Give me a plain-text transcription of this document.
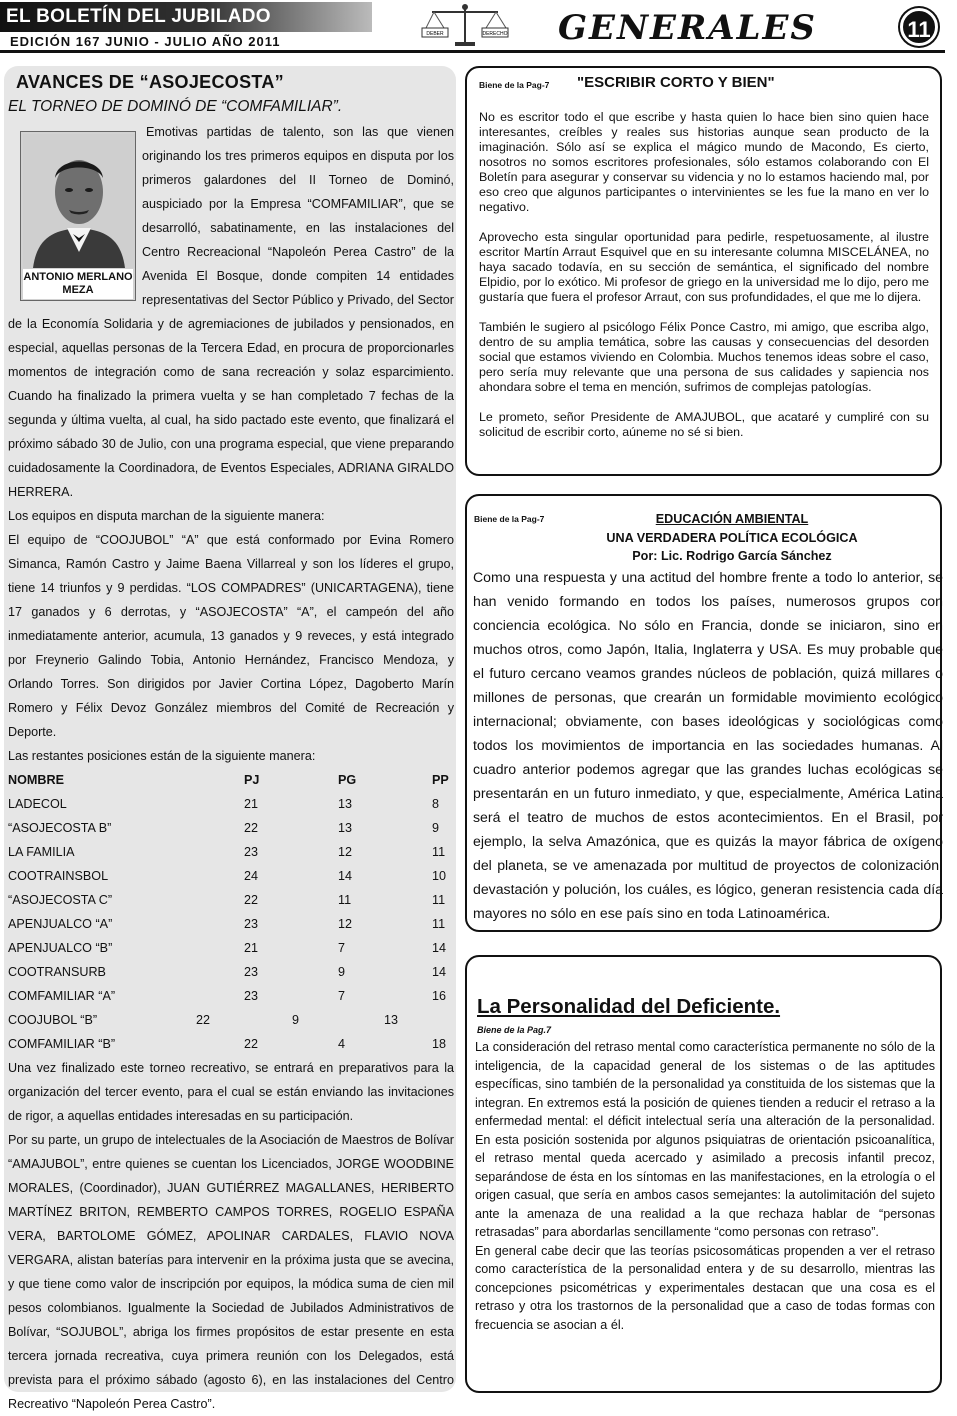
EL BOLETÍN DEL JUBILADO
EDICIÓN 167 JUNIO - JULIO AÑO 2011	DEBER	DERECHO GENERALES	11
AVANCES DE “ASOJECOSTA”
EL TORNEO DE DOMINÓ DE “COMFAMILIAR”.
ANTONIO MERLANO MEZA

Emotivas partidas de talento, son las que vienen originando los tres primeros equipos en disputa por los primeros galardones del II Torneo de Dominó, auspiciado por la Empresa “COMFAMILIAR”, que se desarrolló, sabatinamente, en las instalaciones del Centro Recreacional “Napoleón Perea Castro” de la Avenida El Bosque, donde compiten 14 entidades representativas del Sector Público y Privado, del Sector de la Economía Solidaria y de agremiaciones de jubilados y pensionados, en especial, aquellas personas de la Tercera Edad, en procura de proporcionarles momentos de integración como de sana recreación y solaz esparcimiento. Cuando ha finalizado la primera vuelta y se han completado 7 fechas de la segunda y última vuelta, al cual, ha sido pactado este evento, que finalizará el próximo sábado 30 de Julio, con una programa especial, que viene preparando cuidadosamente la Coordinadora, de Eventos Especiales, ADRIANA GIRALDO HERRERA.

Los equipos en disputa marchan de la siguiente manera:

El equipo de “COOJUBOL” “A” que está conformado por Evina Romero Simanca, Ramón Castro y Jaime Baena Villarreal y son los líderes el grupo, tiene 14 triunfos y 9 perdidas. “LOS COMPADRES” (UNICARTAGENA), tiene 17 ganados y 6 derrotas, y “ASOJECOSTA” “A”, el campeón del año inmediatamente anterior, acumula, 13 ganados y 9 reveces, y está integrado por Freynerio Galindo Tobia, Antonio Hernández, Francisco Mendoza, y Orlando Torres. Son dirigidos por Javier Cortina López, Dagoberto Marín Romero y Félix Devoz González miembros del Comité de Recreación y Deporte.

Las restantes posiciones están de la siguiente manera:

NOMBRE	PJ	PG	PP
LADECOL	21	13	8
“ASOJECOSTA B”	22	13	9
LA FAMILIA	23	12	11
COOTRAINSBOL	24	14	10
“ASOJECOSTA C”	22	11	11
APENJUALCO “A”	23	12	11
APENJUALCO “B”	21	7	14
COOTRANSURB	23	9	14
COMFAMILIAR “A”	23	7	16
COOJUBOL “B”	22	9	13
COMFAMILIAR “B”	22	4	18

Una vez finalizado este torneo recreativo, se entrará en preparativos para la organización del tercer evento, para el cual se están enviando las invitaciones de rigor, a aquellas entidades interesadas en su participación.

Por su parte, un grupo de intelectuales de la Asociación de Maestros de Bolívar “AMAJUBOL”, entre quienes se cuentan los Licenciados, JORGE WOODBINE MORALES, (Coordinador), JUAN GUTIÉRREZ MAGALLANES, HERIBERTO MARTÍNEZ BRITON, REMBERTO CAMPOS TORRES, ROGELIO ESPAÑA VERA, BARTOLOME GÓMEZ, APOLINAR CARDALES, FLAVIO NOVA VERGARA, alistan baterías para intervenir en la próxima justa que se avecina, y que tiene como valor de inscripción por equipos, la módica suma de cien mil pesos colombianos. Igualmente la Sociedad de Jubilados Administrativos de Bolívar, “SOJUBOL”, abriga los firmes propósitos de estar presente en esta tercera jornada recreativa, cuya primera reunión con los Delegados, está prevista para el próximo sábado (agosto 6), en las instalaciones del Centro Recreativo “Napoleón Perea Castro”.

Biene de la Pag-7 "ESCRIBIR CORTO Y BIEN"

No es escritor todo el que escribe y hasta quien lo hace bien sino quien hace interesantes, creíbles y reales sus historias aunque sean producto de la imaginación. Sólo así se explica el mágico mundo de Macondo, Es cierto, nosotros no somos escritores profesionales, sólo estamos colaborando con El Boletín para asegurar y conservar su videncia y no lo estamos haciendo mal, por eso creo que algunos participantes o intervinientes se les fue la mano en ver lo negativo.

Aprovecho esta singular oportunidad para pedirle, respetuosamente, al ilustre escritor Martín Arraut Esquivel que en su interesante columna MISCELÁNEA, no haya sacado todavía, en su sección de semántica, el significado del nombre Elpidio, por lo exótico. Mi profesor de griego en la universidad me lo dijo, pero me gustaría que fuera el profesor Arraut, con sus profundidades, el que me lo dijera.

También le sugiero al psicólogo Félix Ponce Castro, mi amigo, que escriba algo, dentro de su amplia temática, sobre las causas y consecuencias del desorden social que estamos viviendo en Colombia. Muchos tenemos ideas sobre el caso, pero sería muy relevante que una persona de sus calidades y sapiencia nos ahondara sobre el tema en mención, sufrimos de complejas patologías.

Le prometo, señor Presidente de AMAJUBOL, que acataré y cumpliré con su solicitud de escribir corto, aúneme no sé si bien.

Biene de la Pag-7	EDUCACIÓN AMBIENTAL
UNA VERDADERA POLÍTICA ECOLÓGICA
Por: Lic. Rodrigo García Sánchez
Como una respuesta y una actitud del hombre frente a todo lo anterior, se han venido formando en todos los países, numerosos grupos con conciencia ecológica. No sólo en Francia, donde se iniciaron, sino en muchos otros, como Japón, Italia, Inglaterra y USA. Es muy probable que el futuro cercano veamos grandes núcleos de población, quizá millares o millones de personas, que crearán un formidable movimiento ecológico internacional; obviamente, con bases ideológicas y sociológicas como todos los movimientos de importancia en las sociedades humanas. Al cuadro anterior podemos agregar que las grandes luchas ecológicas se presentarán en un futuro inmediato, y que, especialmente, América Latina será el teatro de muchos de estos acontecimientos. En el Brasil, por ejemplo, la selva Amazónica, que es quizás la mayor fábrica de oxígeno del planeta, se ve amenazada por multitud de proyectos de colonización, devastación y polución, los cuáles, es lógico, generan resistencia cada día mayores no sólo en ese país sino en toda Latinoamérica.
La Personalidad del Deficiente.
Biene de la Pag.7

La consideración del retraso mental como característica permanente no sólo de la inteligencia, de la capacidad general de los sistemas o de las aptitudes específicas, sino también de la personalidad ya constituida de los sistemas que la integran. En extremos está la posición de quienes tienden a reducir el retraso a la enfermedad mental: el déficit intelectual sería una alteración de la personalidad. En esta posición sostenida por algunos psiquiatras de orientación psicoanalítica, el retraso mental queda acercado y asimilado a precosis infantil precoz, separándose de ésta en los síntomas en las manifestaciones, en la etrología o el origen casual, que sería en ambos casos semejantes: la autolimitación del sujeto ante la amenaza de una realidad a la que rechaza hablar de “personas retrasadas” para abordarlas sencillamente “como personas con retraso”.

En general cabe decir que las teorías psicosomáticas propenden a ver el retraso como característica de la personalidad entera y de su desarrollo, mientras las concepciones psicométricas y experimentales destacan que una cosa es el retraso y otra los trastornos de la personalidad que a caso de todas formas con frecuencia se asocian a él.
